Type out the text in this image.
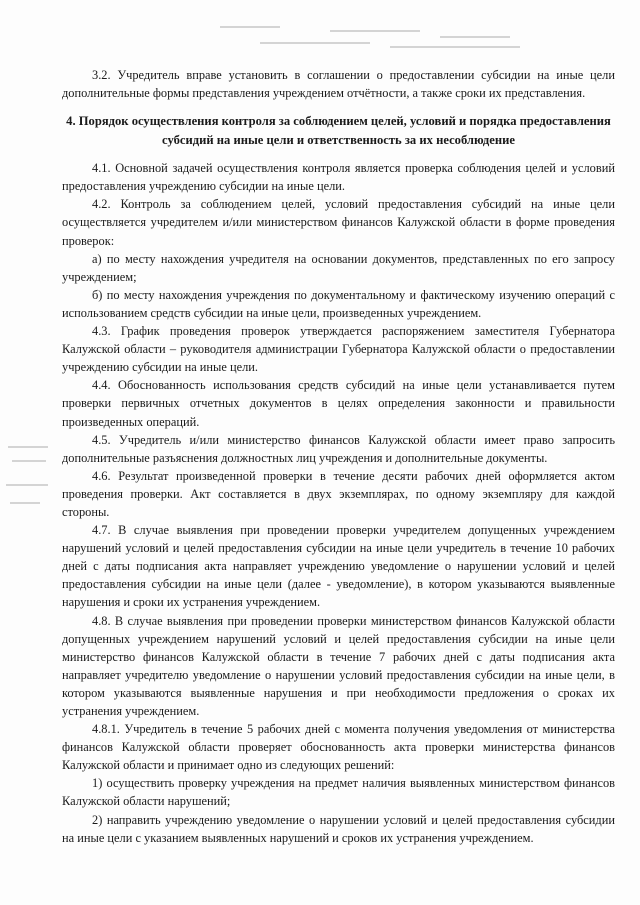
3.2. Учредитель вправе установить в соглашении о предоставлении субсидии на иные цели дополнительные формы представления учреждением отчётности, а также сроки их представления.

4. Порядок осуществления контроля за соблюдением целей, условий и порядка предоставления субсидий на иные цели и ответственность за их несоблюдение

4.1. Основной задачей осуществления контроля является проверка соблюдения целей и условий предоставления учреждению субсидии на иные цели.

4.2. Контроль за соблюдением целей, условий предоставления субсидий на иные цели осуществляется учредителем и/или министерством финансов Калужской области в форме проведения проверок:

а) по месту нахождения учредителя на основании документов, представленных по его запросу учреждением;

б) по месту нахождения учреждения по документальному и фактическому изучению операций с использованием средств субсидии на иные цели, произведенных учреждением.

4.3. График проведения проверок утверждается распоряжением заместителя Губернатора Калужской области – руководителя администрации Губернатора Калужской области о предоставлении учреждению субсидии на иные цели.

4.4. Обоснованность использования средств субсидий на иные цели устанавливается путем проверки первичных отчетных документов в целях определения законности и правильности произведенных операций.

4.5. Учредитель и/или министерство финансов Калужской области имеет право запросить дополнительные разъяснения должностных лиц учреждения и дополнительные документы.

4.6. Результат произведенной проверки в течение десяти рабочих дней оформляется актом проведения проверки. Акт составляется в двух экземплярах, по одному экземпляру для каждой стороны.

4.7. В случае выявления при проведении проверки учредителем допущенных учреждением нарушений условий и целей предоставления субсидии на иные цели учредитель в течение 10 рабочих дней с даты подписания акта направляет учреждению уведомление о нарушении условий и целей предоставления субсидии на иные цели (далее - уведомление), в котором указываются выявленные нарушения и сроки их устранения учреждением.

4.8. В случае выявления при проведении проверки министерством финансов Калужской области допущенных учреждением нарушений условий и целей предоставления субсидии на иные цели министерство финансов Калужской области в течение 7 рабочих дней с даты подписания акта направляет учредителю уведомление о нарушении условий предоставления субсидии на иные цели, в котором указываются выявленные нарушения и при необходимости предложения о сроках их устранения учреждением.

4.8.1. Учредитель в течение 5 рабочих дней с момента получения уведомления от министерства финансов Калужской области проверяет обоснованность акта проверки министерства финансов Калужской области и принимает одно из следующих решений:

1) осуществить проверку учреждения на предмет наличия выявленных министерством финансов Калужской области нарушений;

2) направить учреждению уведомление о нарушении условий и целей предоставления субсидии на иные цели с указанием выявленных нарушений и сроков их устранения учреждением.
